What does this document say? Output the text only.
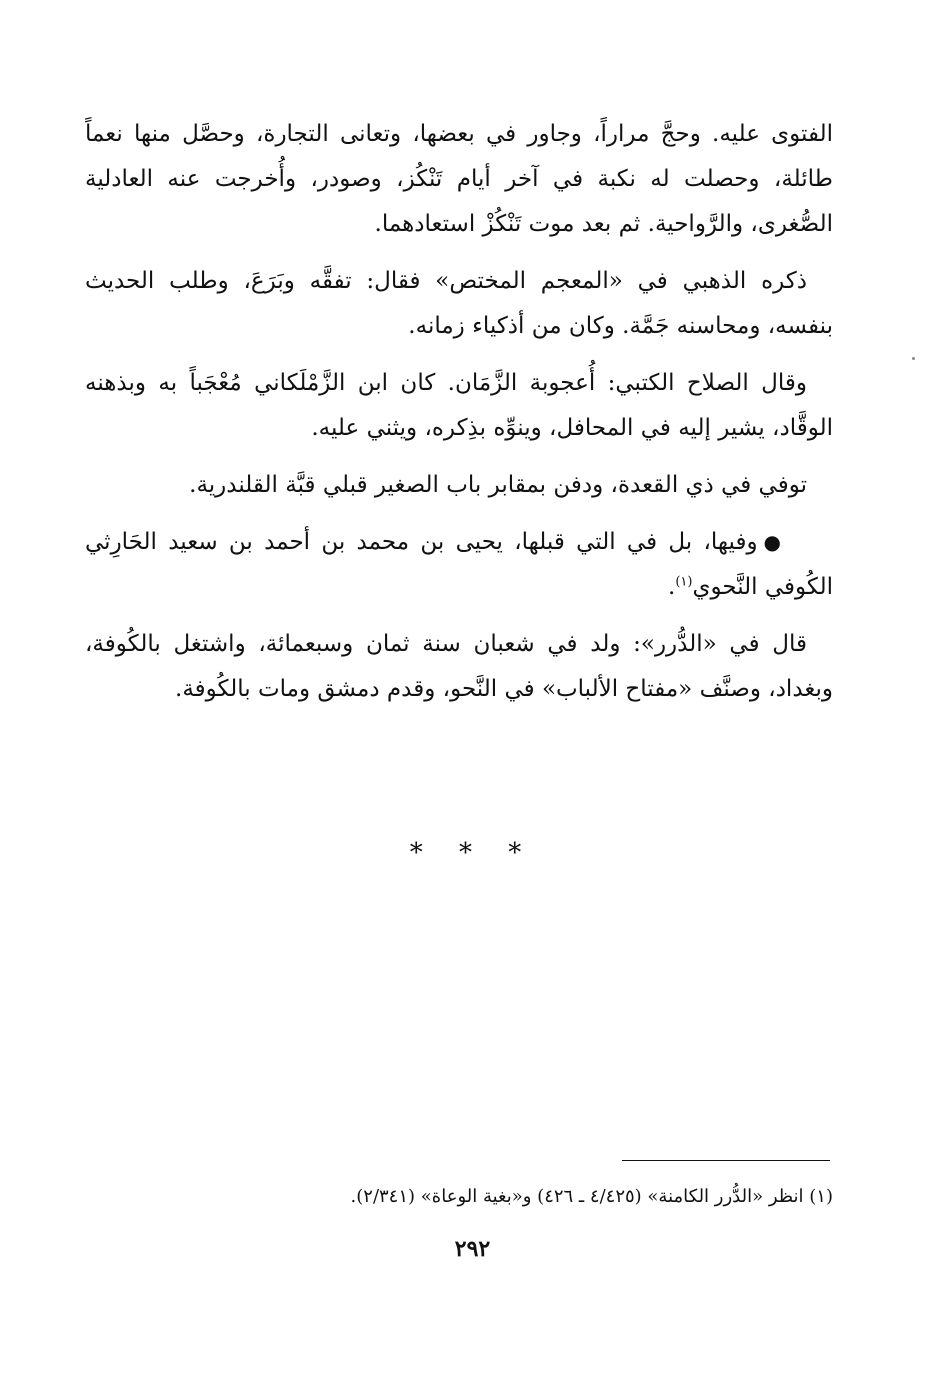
الفتوى عليه. وحجَّ مراراً، وجاور في بعضها، وتعانى التجارة، وحصَّل منها نعماً طائلة، وحصلت له نكبة في آخر أيام تَنْكُز، وصودر، وأُخرجت عنه العادلية الصُّغرى، والرَّواحية. ثم بعد موت تَنْكُزْ استعادهما.

ذكره الذهبي في «المعجم المختص» فقال: تفقَّه وبَرَعَ، وطلب الحديث بنفسه، ومحاسنه جَمَّة. وكان من أذكياء زمانه.

وقال الصلاح الكتبي: أُعجوبة الزَّمَان. كان ابن الزَّمْلَكاني مُعْجَباً به وبذهنه الوقَّاد، يشير إليه في المحافل، وينوِّه بذِكره، ويثني عليه.

توفي في ذي القعدة، ودفن بمقابر باب الصغير قبلي قبَّة القلندرية.

●وفيها، بل في التي قبلها، يحيى بن محمد بن أحمد بن سعيد الحَارِثي الكُوفي النَّحوي$^{(١)}$.

قال في «الدُّرر»: ولد في شعبان سنة ثمان وسبعمائة، واشتغل بالكُوفة، وبغداد، وصنَّف «مفتاح الألباب» في النَّحو، وقدم دمشق ومات بالكُوفة.

* * *
(١) انظر «الدُّرر الكامنة» (٤/٤٢٥ ـ ٤٢٦) و«بغية الوعاة» (٢/٣٤١).
٢٩٢
